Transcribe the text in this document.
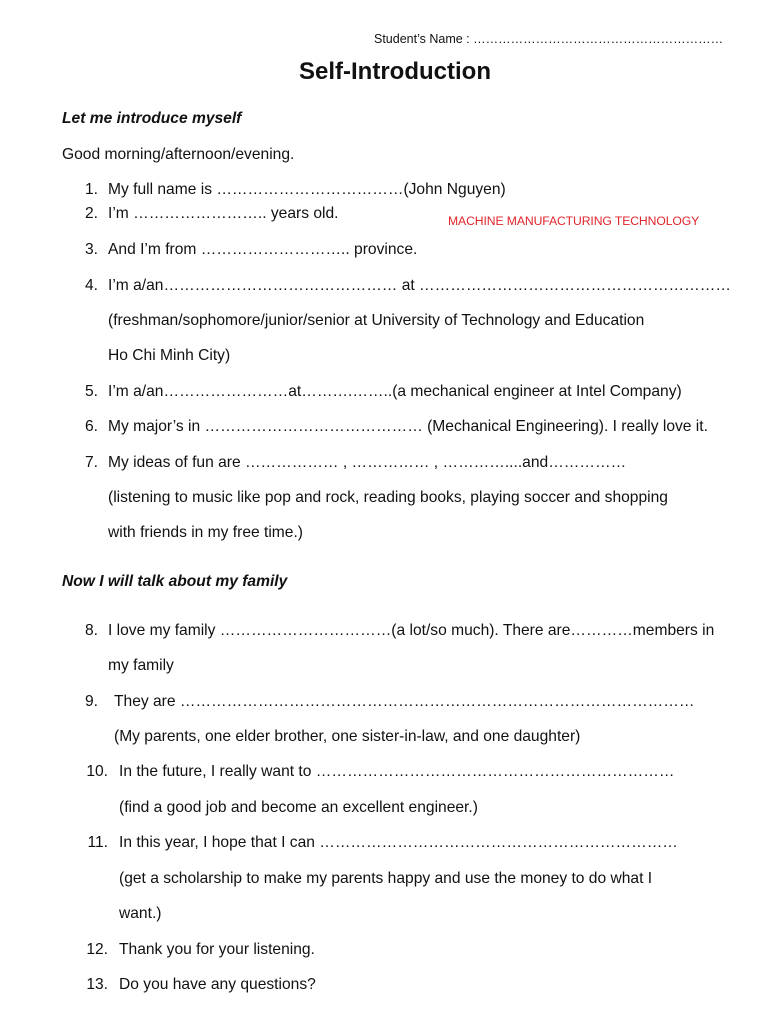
Student’s Name : ……………………………………………………
Self-Introduction
Let me introduce myself
Good morning/afternoon/evening.
MACHINE MANUFACTURING TECHNOLOGY
1. My full name is ………………………………(John Nguyen)
2. I’m …………………….. years old.
3. And I’m from ……………………….. province.
4. I’m a/an……………………………………… at ……………………………………………………
(freshman/sophomore/junior/senior at University of Technology and Education
Ho Chi Minh City)
5. I’m a/an……………………at……….……..(a mechanical engineer at Intel Company)
6. My major’s in …………………………………… (Mechanical Engineering). I really love it.
7. My ideas of fun are ……………… , …………… , …………....and……………
(listening to music like pop and rock, reading books, playing soccer and shopping
with friends in my free time.)
Now I will talk about my family
8. I love my family ……………………………(a lot/so much). There are…………members in
my family
9. They are ………………………………………………………………………………………
(My parents, one elder brother, one sister-in-law, and one daughter)
10. In the future, I really want to ……………………………………………………………
(find a good job and become an excellent engineer.)
11. In this year, I hope that I can ……………………………………………………………
(get a scholarship to make my parents happy and use the money to do what I
want.)
12. Thank you for your listening.
13. Do you have any questions?
